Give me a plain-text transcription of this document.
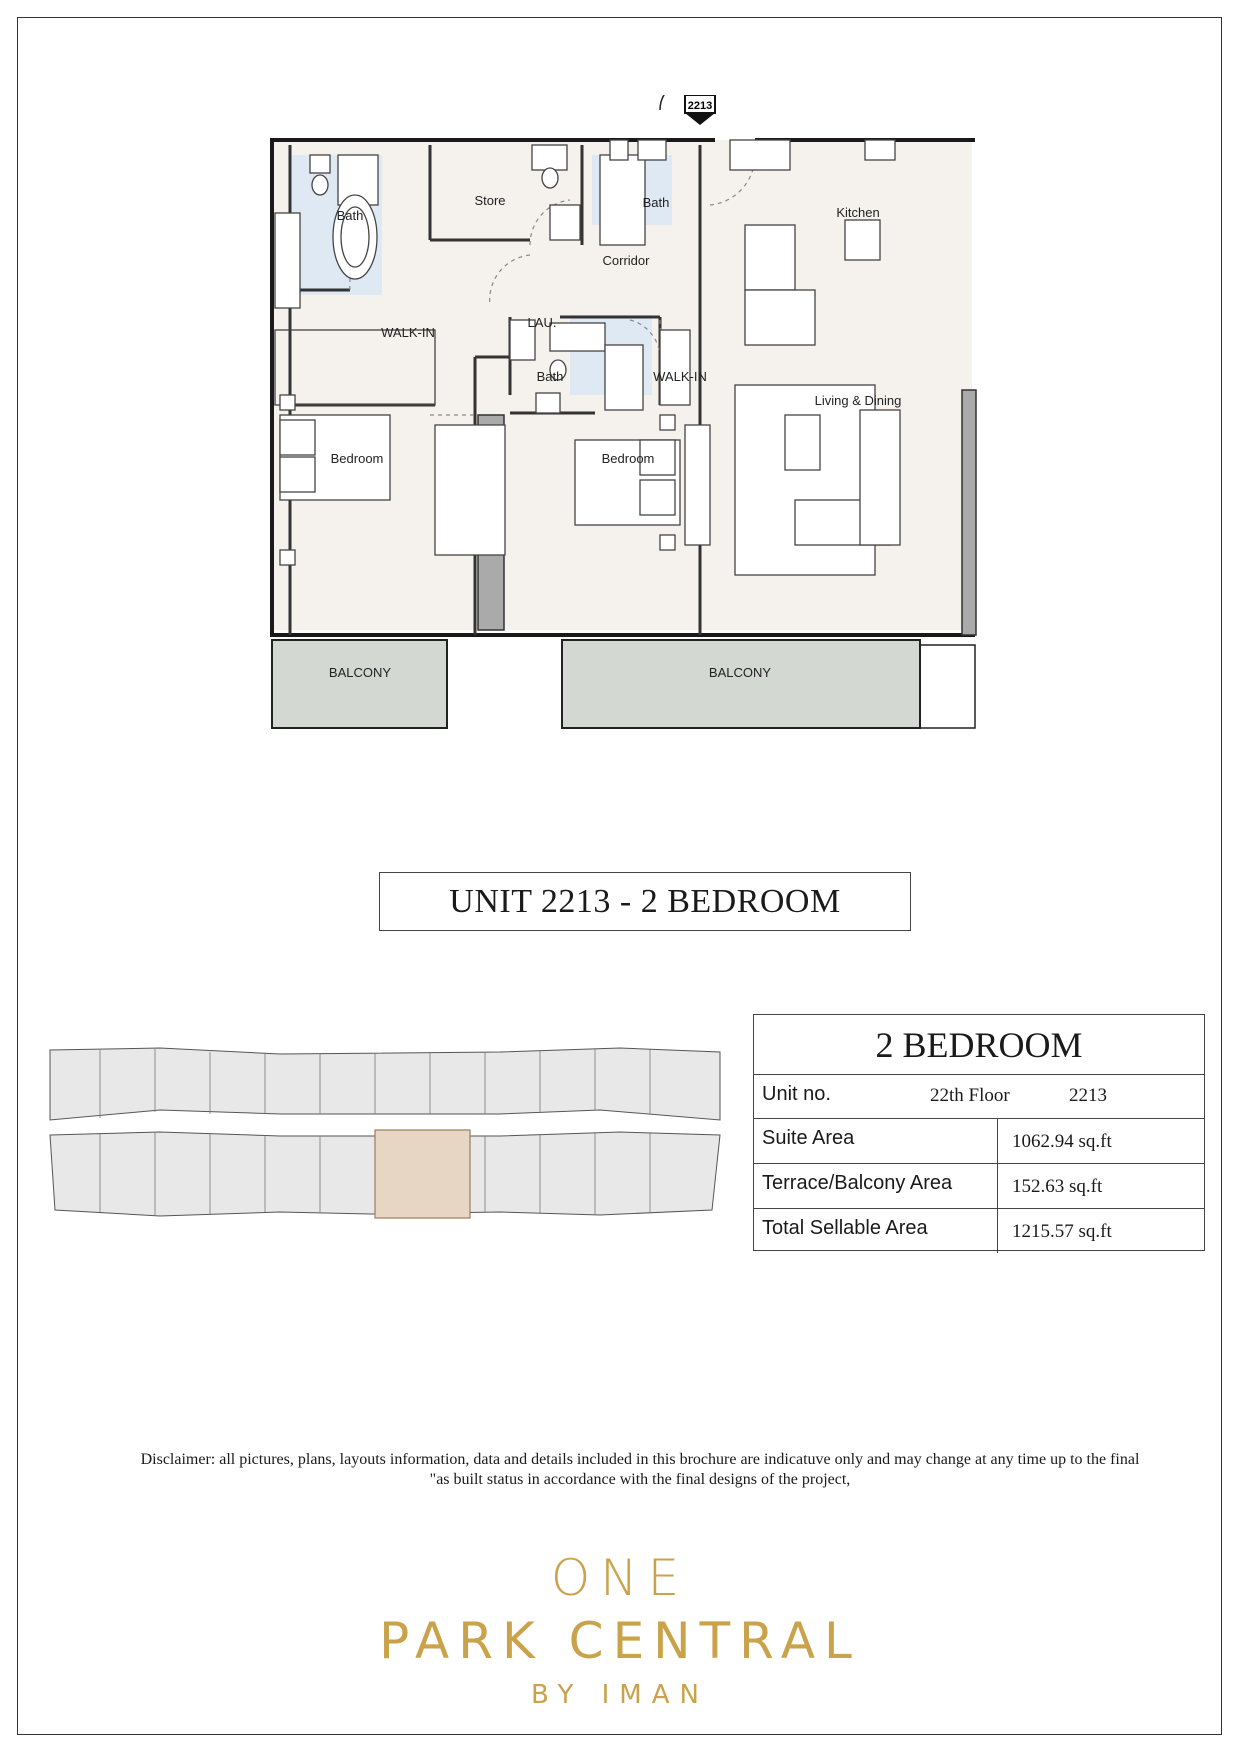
2213
Bath
Store	Bath
Kitchen
Corridor
WALK-IN
LAU.
Bath	WALK-IN
Living & Dining
Bedroom	Bedroom
BALCONY	BALCONY
UNIT 2213 - 2 BEDROOM
2 BEDROOM
Unit no.	22th Floor	2213
Suite Area	1062.94 sq.ft
Terrace/Balcony Area	152.63 sq.ft
Total Sellable Area	1215.57 sq.ft
Disclaimer: all pictures, plans, layouts information, data and details included in this brochure are indicatuve only and may change at any time up to the final
"as built status in accordance with the final designs of the project,
ONE
PARK CENTRAL
BY IMAN
